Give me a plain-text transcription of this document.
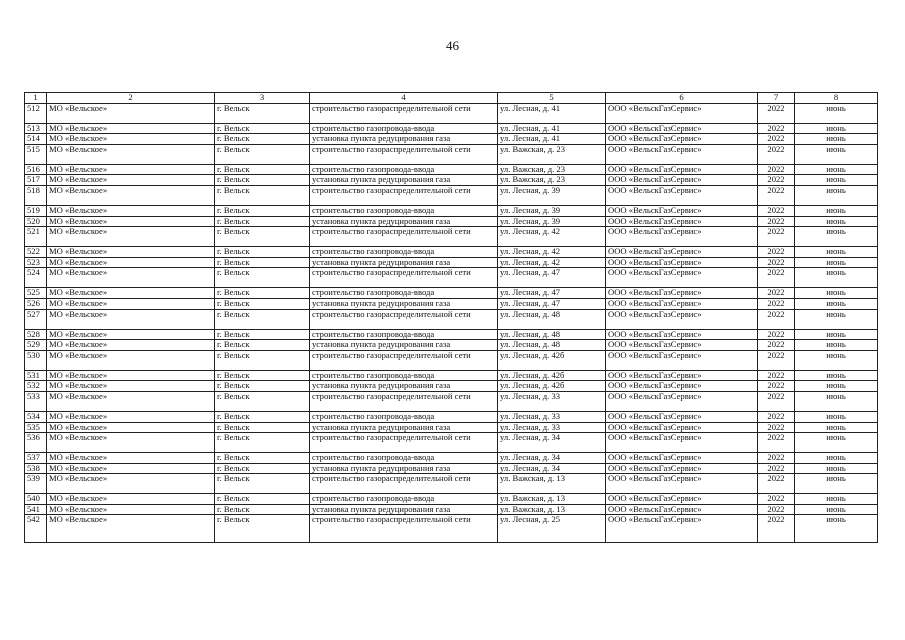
46
1	2	3	4	5	6	7	8
512	МО «Вельское»	г. Вельск	строительство газораспределительной сети	ул. Лесная, д. 41	ООО «ВельскГазСервис»	2022	июнь
513	МО «Вельское»	г. Вельск	строительство газопровода-ввода	ул. Лесная, д. 41	ООО «ВельскГазСервис»	2022	июнь
514	МО «Вельское»	г. Вельск	установка пункта редуцирования газа	ул. Лесная, д. 41	ООО «ВельскГазСервис»	2022	июнь
515	МО «Вельское»	г. Вельск	строительство газораспределительной сети	ул. Важская, д. 23	ООО «ВельскГазСервис»	2022	июнь
516	МО «Вельское»	г. Вельск	строительство газопровода-ввода	ул. Важская, д. 23	ООО «ВельскГазСервис»	2022	июнь
517	МО «Вельское»	г. Вельск	установка пункта редуцирования газа	ул. Важская, д. 23	ООО «ВельскГазСервис»	2022	июнь
518	МО «Вельское»	г. Вельск	строительство газораспределительной сети	ул. Лесная, д. 39	ООО «ВельскГазСервис»	2022	июнь
519	МО «Вельское»	г. Вельск	строительство газопровода-ввода	ул. Лесная, д. 39	ООО «ВельскГазСервис»	2022	июнь
520	МО «Вельское»	г. Вельск	установка пункта редуцирования газа	ул. Лесная, д. 39	ООО «ВельскГазСервис»	2022	июнь
521	МО «Вельское»	г. Вельск	строительство газораспределительной сети	ул. Лесная, д. 42	ООО «ВельскГазСервис»	2022	июнь
522	МО «Вельское»	г. Вельск	строительство газопровода-ввода	ул. Лесная, д. 42	ООО «ВельскГазСервис»	2022	июнь
523	МО «Вельское»	г. Вельск	установка пункта редуцирования газа	ул. Лесная, д. 42	ООО «ВельскГазСервис»	2022	июнь
524	МО «Вельское»	г. Вельск	строительство газораспределительной сети	ул. Лесная, д. 47	ООО «ВельскГазСервис»	2022	июнь
525	МО «Вельское»	г. Вельск	строительство газопровода-ввода	ул. Лесная, д. 47	ООО «ВельскГазСервис»	2022	июнь
526	МО «Вельское»	г. Вельск	установка пункта редуцирования газа	ул. Лесная, д. 47	ООО «ВельскГазСервис»	2022	июнь
527	МО «Вельское»	г. Вельск	строительство газораспределительной сети	ул. Лесная, д. 48	ООО «ВельскГазСервис»	2022	июнь
528	МО «Вельское»	г. Вельск	строительство газопровода-ввода	ул. Лесная, д. 48	ООО «ВельскГазСервис»	2022	июнь
529	МО «Вельское»	г. Вельск	установка пункта редуцирования газа	ул. Лесная, д. 48	ООО «ВельскГазСервис»	2022	июнь
530	МО «Вельское»	г. Вельск	строительство газораспределительной сети	ул. Лесная, д. 42б	ООО «ВельскГазСервис»	2022	июнь
531	МО «Вельское»	г. Вельск	строительство газопровода-ввода	ул. Лесная, д. 42б	ООО «ВельскГазСервис»	2022	июнь
532	МО «Вельское»	г. Вельск	установка пункта редуцирования газа	ул. Лесная, д. 42б	ООО «ВельскГазСервис»	2022	июнь
533	МО «Вельское»	г. Вельск	строительство газораспределительной сети	ул. Лесная, д. 33	ООО «ВельскГазСервис»	2022	июнь
534	МО «Вельское»	г. Вельск	строительство газопровода-ввода	ул. Лесная, д. 33	ООО «ВельскГазСервис»	2022	июнь
535	МО «Вельское»	г. Вельск	установка пункта редуцирования газа	ул. Лесная, д. 33	ООО «ВельскГазСервис»	2022	июнь
536	МО «Вельское»	г. Вельск	строительство газораспределительной сети	ул. Лесная, д. 34	ООО «ВельскГазСервис»	2022	июнь
537	МО «Вельское»	г. Вельск	строительство газопровода-ввода	ул. Лесная, д. 34	ООО «ВельскГазСервис»	2022	июнь
538	МО «Вельское»	г. Вельск	установка пункта редуцирования газа	ул. Лесная, д. 34	ООО «ВельскГазСервис»	2022	июнь
539	МО «Вельское»	г. Вельск	строительство газораспределительной сети	ул. Важская, д. 13	ООО «ВельскГазСервис»	2022	июнь
540	МО «Вельское»	г. Вельск	строительство газопровода-ввода	ул. Важская, д. 13	ООО «ВельскГазСервис»	2022	июнь
541	МО «Вельское»	г. Вельск	установка пункта редуцирования газа	ул. Важская, д. 13	ООО «ВельскГазСервис»	2022	июнь
542	МО «Вельское»	г. Вельск	строительство газораспределительной сети	ул. Лесная, д. 25	ООО «ВельскГазСервис»	2022	июнь
